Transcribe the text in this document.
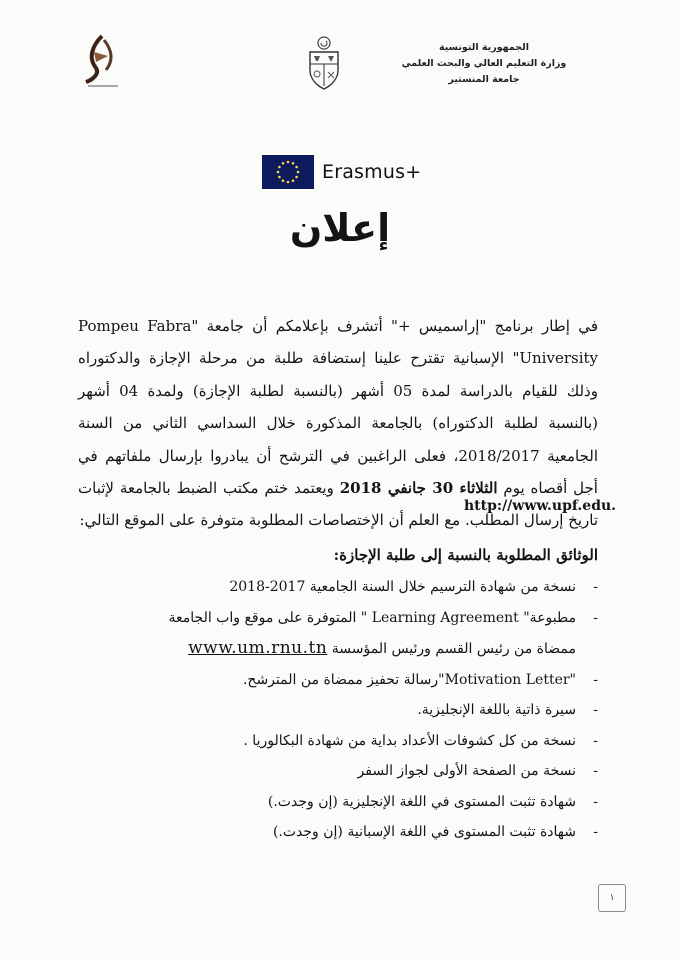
الجمهورية التونسية
وزارة التعليم العالي والبحث العلمي
جامعة المنستير
Erasmus+
إعلان
في إطار برنامج "إراسميس +" أتشرف بإعلامكم أن جامعة "Pompeu Fabra University" الإسبانية تقترح علينا إستضافة طلبة من مرحلة الإجازة والدكتوراه وذلك للقيام بالدراسة لمدة 05 أشهر (بالنسبة لطلبة الإجازة) ولمدة 04 أشهر (بالنسبة لطلبة الدكتوراه) بالجامعة المذكورة خلال السداسي الثاني من السنة الجامعية 2018/2017، فعلى الراغبين في الترشح أن يبادروا بإرسال ملفاتهم في أجل أقصاه يوم الثلاثاء 30 جانفي 2018 ويعتمد ختم مكتب الضبط بالجامعة لإثبات تاريخ إرسال المطلب. مع العلم أن الإختصاصات المطلوبة متوفرة على الموقع التالي:
http://www.upf.edu.
الوثائق المطلوبة بالنسبة إلى طلبة الإجازة:
- نسخة من شهادة الترسيم خلال السنة الجامعية 2017-2018
- مطبوعة" Learning Agreement " المتوفرة على موقع واب الجامعة
ممضاة من رئيس القسم ورئيس المؤسسة www.um.rnu.tn
- "Motivation Letter"رسالة تحفيز ممضاة من المترشح.
- سيرة ذاتية باللغة الإنجليزية.
- نسخة من كل كشوفات الأعداد بداية من شهادة البكالوريا .
- نسخة من الصفحة الأولى لجواز السفر
- شهادة تثبت المستوى في اللغة الإنجليزية (إن وجدت.)
- شهادة تثبت المستوى في اللغة الإسبانية (إن وجدت.)
١
